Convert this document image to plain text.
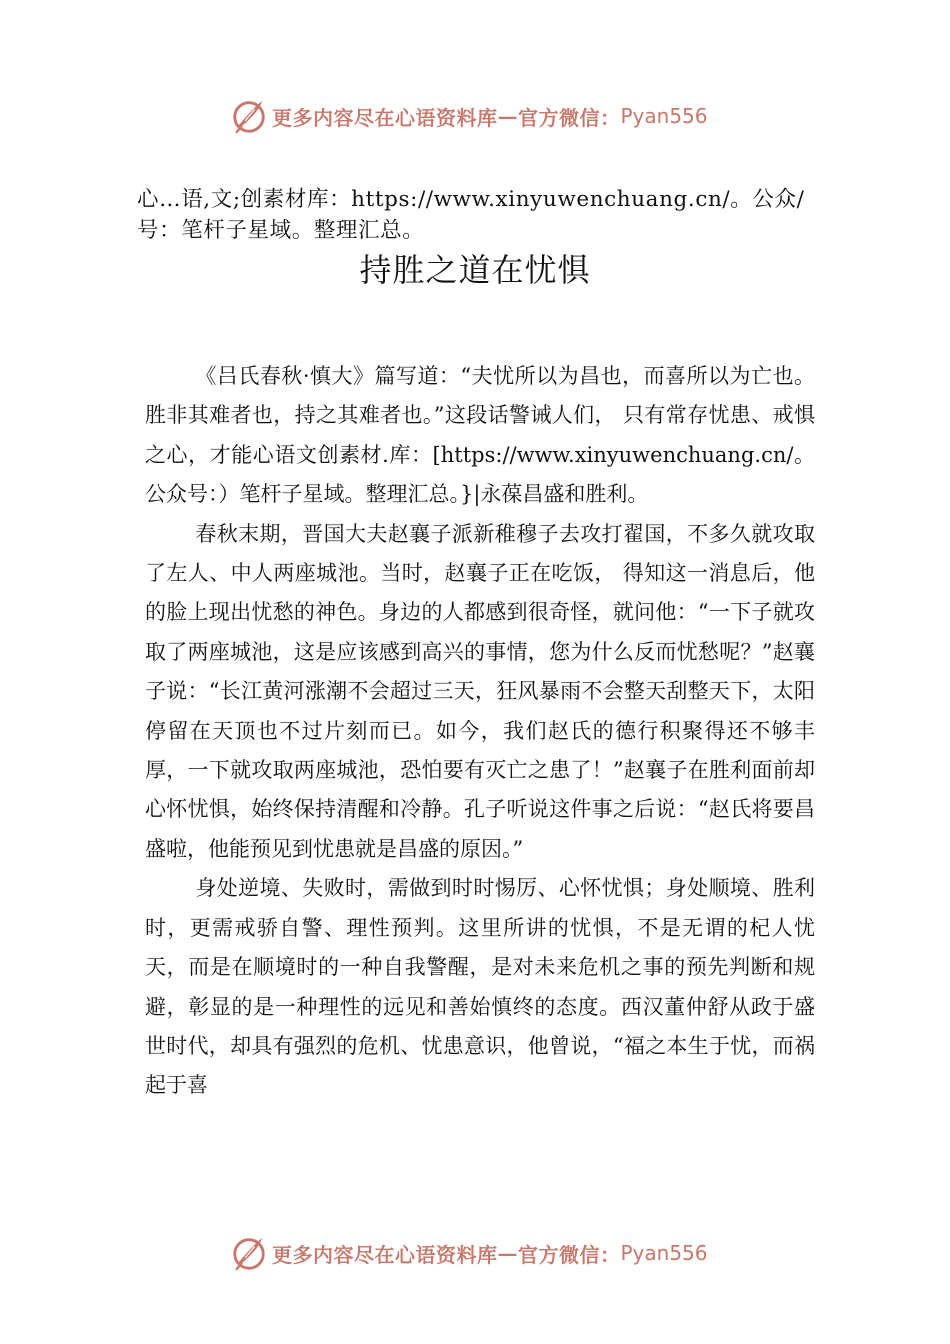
更多内容尽在心语资料库 — 官方微信： Pyan556
心…语,文;创素材库：https://www.xinyuwenchuang.cn/。公众/号：笔杆子星域。整理汇总。
持胜之道在忧惧

《吕氏春秋·慎大》篇写道：“夫忧所以为昌也，而喜所以为亡也。胜非其难者也，持之其难者也。”这段话警诫人们， 只有常存忧患、戒惧之心，才能心语文创素材.库：[https://www.xinyuwenchuang.cn/。公众号：）笔杆子星域。整理汇总。}|永葆昌盛和胜利。

春秋末期，晋国大夫赵襄子派新稚穆子去攻打翟国，不多久就攻取了左人、中人两座城池。当时，赵襄子正在吃饭， 得知这一消息后，他的脸上现出忧愁的神色。身边的人都感到很奇怪，就问他：“一下子就攻取了两座城池，这是应该感到高兴的事情，您为什么反而忧愁呢？”赵襄子说：“长江黄河涨潮不会超过三天，狂风暴雨不会整天刮整天下，太阳停留在天顶也不过片刻而已。如今，我们赵氏的德行积聚得还不够丰厚，一下就攻取两座城池，恐怕要有灭亡之患了！”赵襄子在胜利面前却心怀忧惧，始终保持清醒和冷静。孔子听说这件事之后说：“赵氏将要昌盛啦，他能预见到忧患就是昌盛的原因。”

身处逆境、失败时，需做到时时惕厉、心怀忧惧；身处顺境、胜利时，更需戒骄自警、理性预判。这里所讲的忧惧，不是无谓的杞人忧天，而是在顺境时的一种自我警醒，是对未来危机之事的预先判断和规避，彰显的是一种理性的远见和善始慎终的态度。西汉董仲舒从政于盛世时代，却具有强烈的危机、忧患意识，他曾说，“福之本生于忧，而祸起于喜

更多内容尽在心语资料库 — 官方微信： Pyan556
